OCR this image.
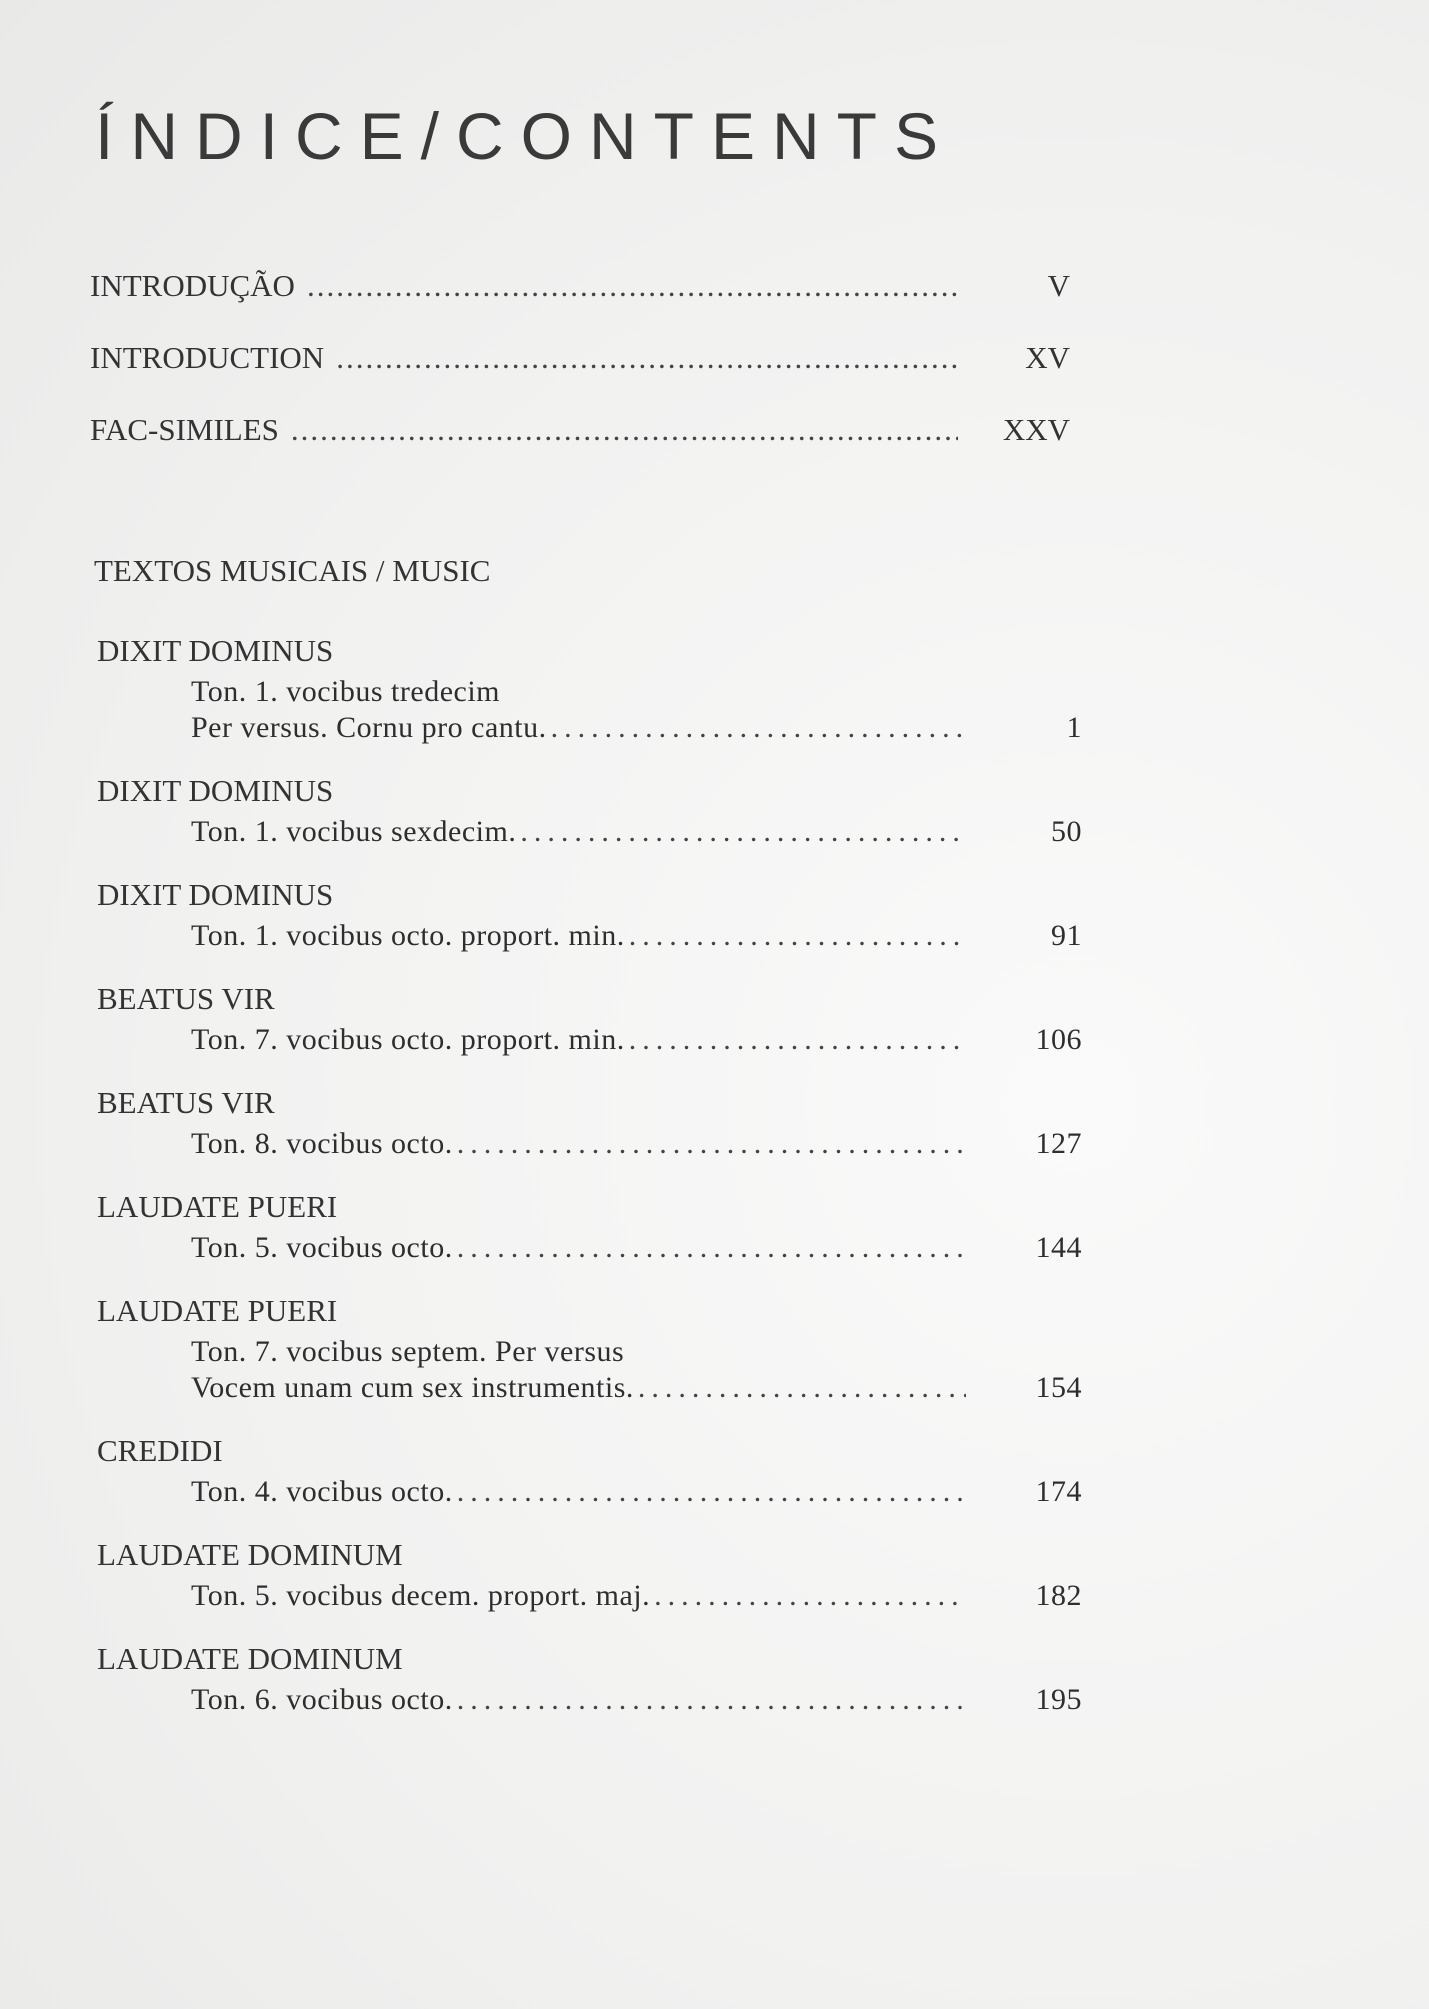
ÍNDICE/CONTENTS
INTRODUÇÃO .....	V
INTRODUCTION .....	XV
FAC-SIMILES .....	XXV
TEXTOS MUSICAIS / MUSIC
DIXIT DOMINUS
Ton. 1. vocibus tredecim
Per versus. Cornu pro cantu. .....	1
DIXIT DOMINUS
Ton. 1. vocibus sexdecim. .....	50
DIXIT DOMINUS
Ton. 1. vocibus octo. proport. min. .....	91
BEATUS VIR
Ton. 7. vocibus octo. proport. min. .....	106
BEATUS VIR
Ton. 8. vocibus octo. .....	127
LAUDATE PUERI
Ton. 5. vocibus octo. .....	144
LAUDATE PUERI
Ton. 7. vocibus septem. Per versus
Vocem unam cum sex instrumentis. .....	154
CREDIDI
Ton. 4. vocibus octo. .....	174
LAUDATE DOMINUM
Ton. 5. vocibus decem. proport. maj. .....	182
LAUDATE DOMINUM
Ton. 6. vocibus octo. .....	195
